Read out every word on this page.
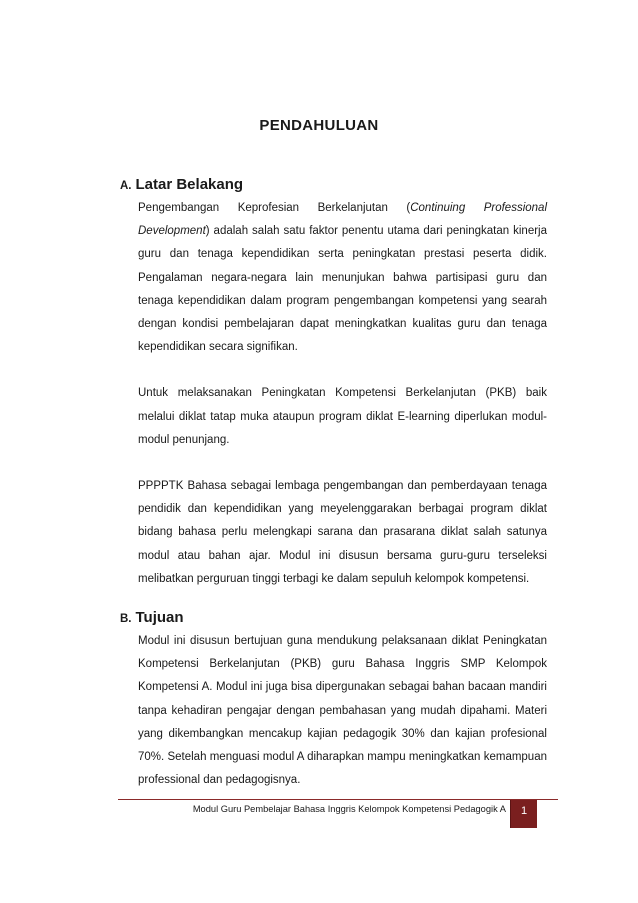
PENDAHULUAN
A. Latar Belakang

Pengembangan Keprofesian Berkelanjutan (Continuing Professional Development) adalah salah satu faktor penentu utama dari peningkatan kinerja guru dan tenaga kependidikan serta peningkatan prestasi peserta didik. Pengalaman negara-negara lain menunjukan bahwa partisipasi guru dan tenaga kependidikan dalam program pengembangan kompetensi yang searah dengan kondisi pembelajaran dapat meningkatkan kualitas guru dan tenaga kependidikan secara signifikan.

Untuk melaksanakan Peningkatan Kompetensi Berkelanjutan (PKB) baik melalui diklat tatap muka ataupun program diklat E-learning diperlukan modul-modul penunjang.

PPPPTK Bahasa sebagai lembaga pengembangan dan pemberdayaan tenaga pendidik dan kependidikan yang meyelenggarakan berbagai program diklat bidang bahasa perlu melengkapi sarana dan prasarana diklat salah satunya modul atau bahan ajar. Modul ini disusun bersama guru-guru terseleksi melibatkan perguruan tinggi terbagi ke dalam sepuluh kelompok kompetensi.

B. Tujuan

Modul ini disusun bertujuan guna mendukung pelaksanaan diklat Peningkatan Kompetensi Berkelanjutan (PKB) guru Bahasa Inggris SMP Kelompok Kompetensi A. Modul ini juga bisa dipergunakan sebagai bahan bacaan mandiri tanpa kehadiran pengajar dengan pembahasan yang mudah dipahami. Materi yang dikembangkan mencakup kajian pedagogik 30% dan kajian profesional 70%. Setelah menguasi modul A diharapkan mampu meningkatkan kemampuan professional dan pedagogisnya.

Modul Guru Pembelajar Bahasa Inggris Kelompok Kompetensi Pedagogik A	1
